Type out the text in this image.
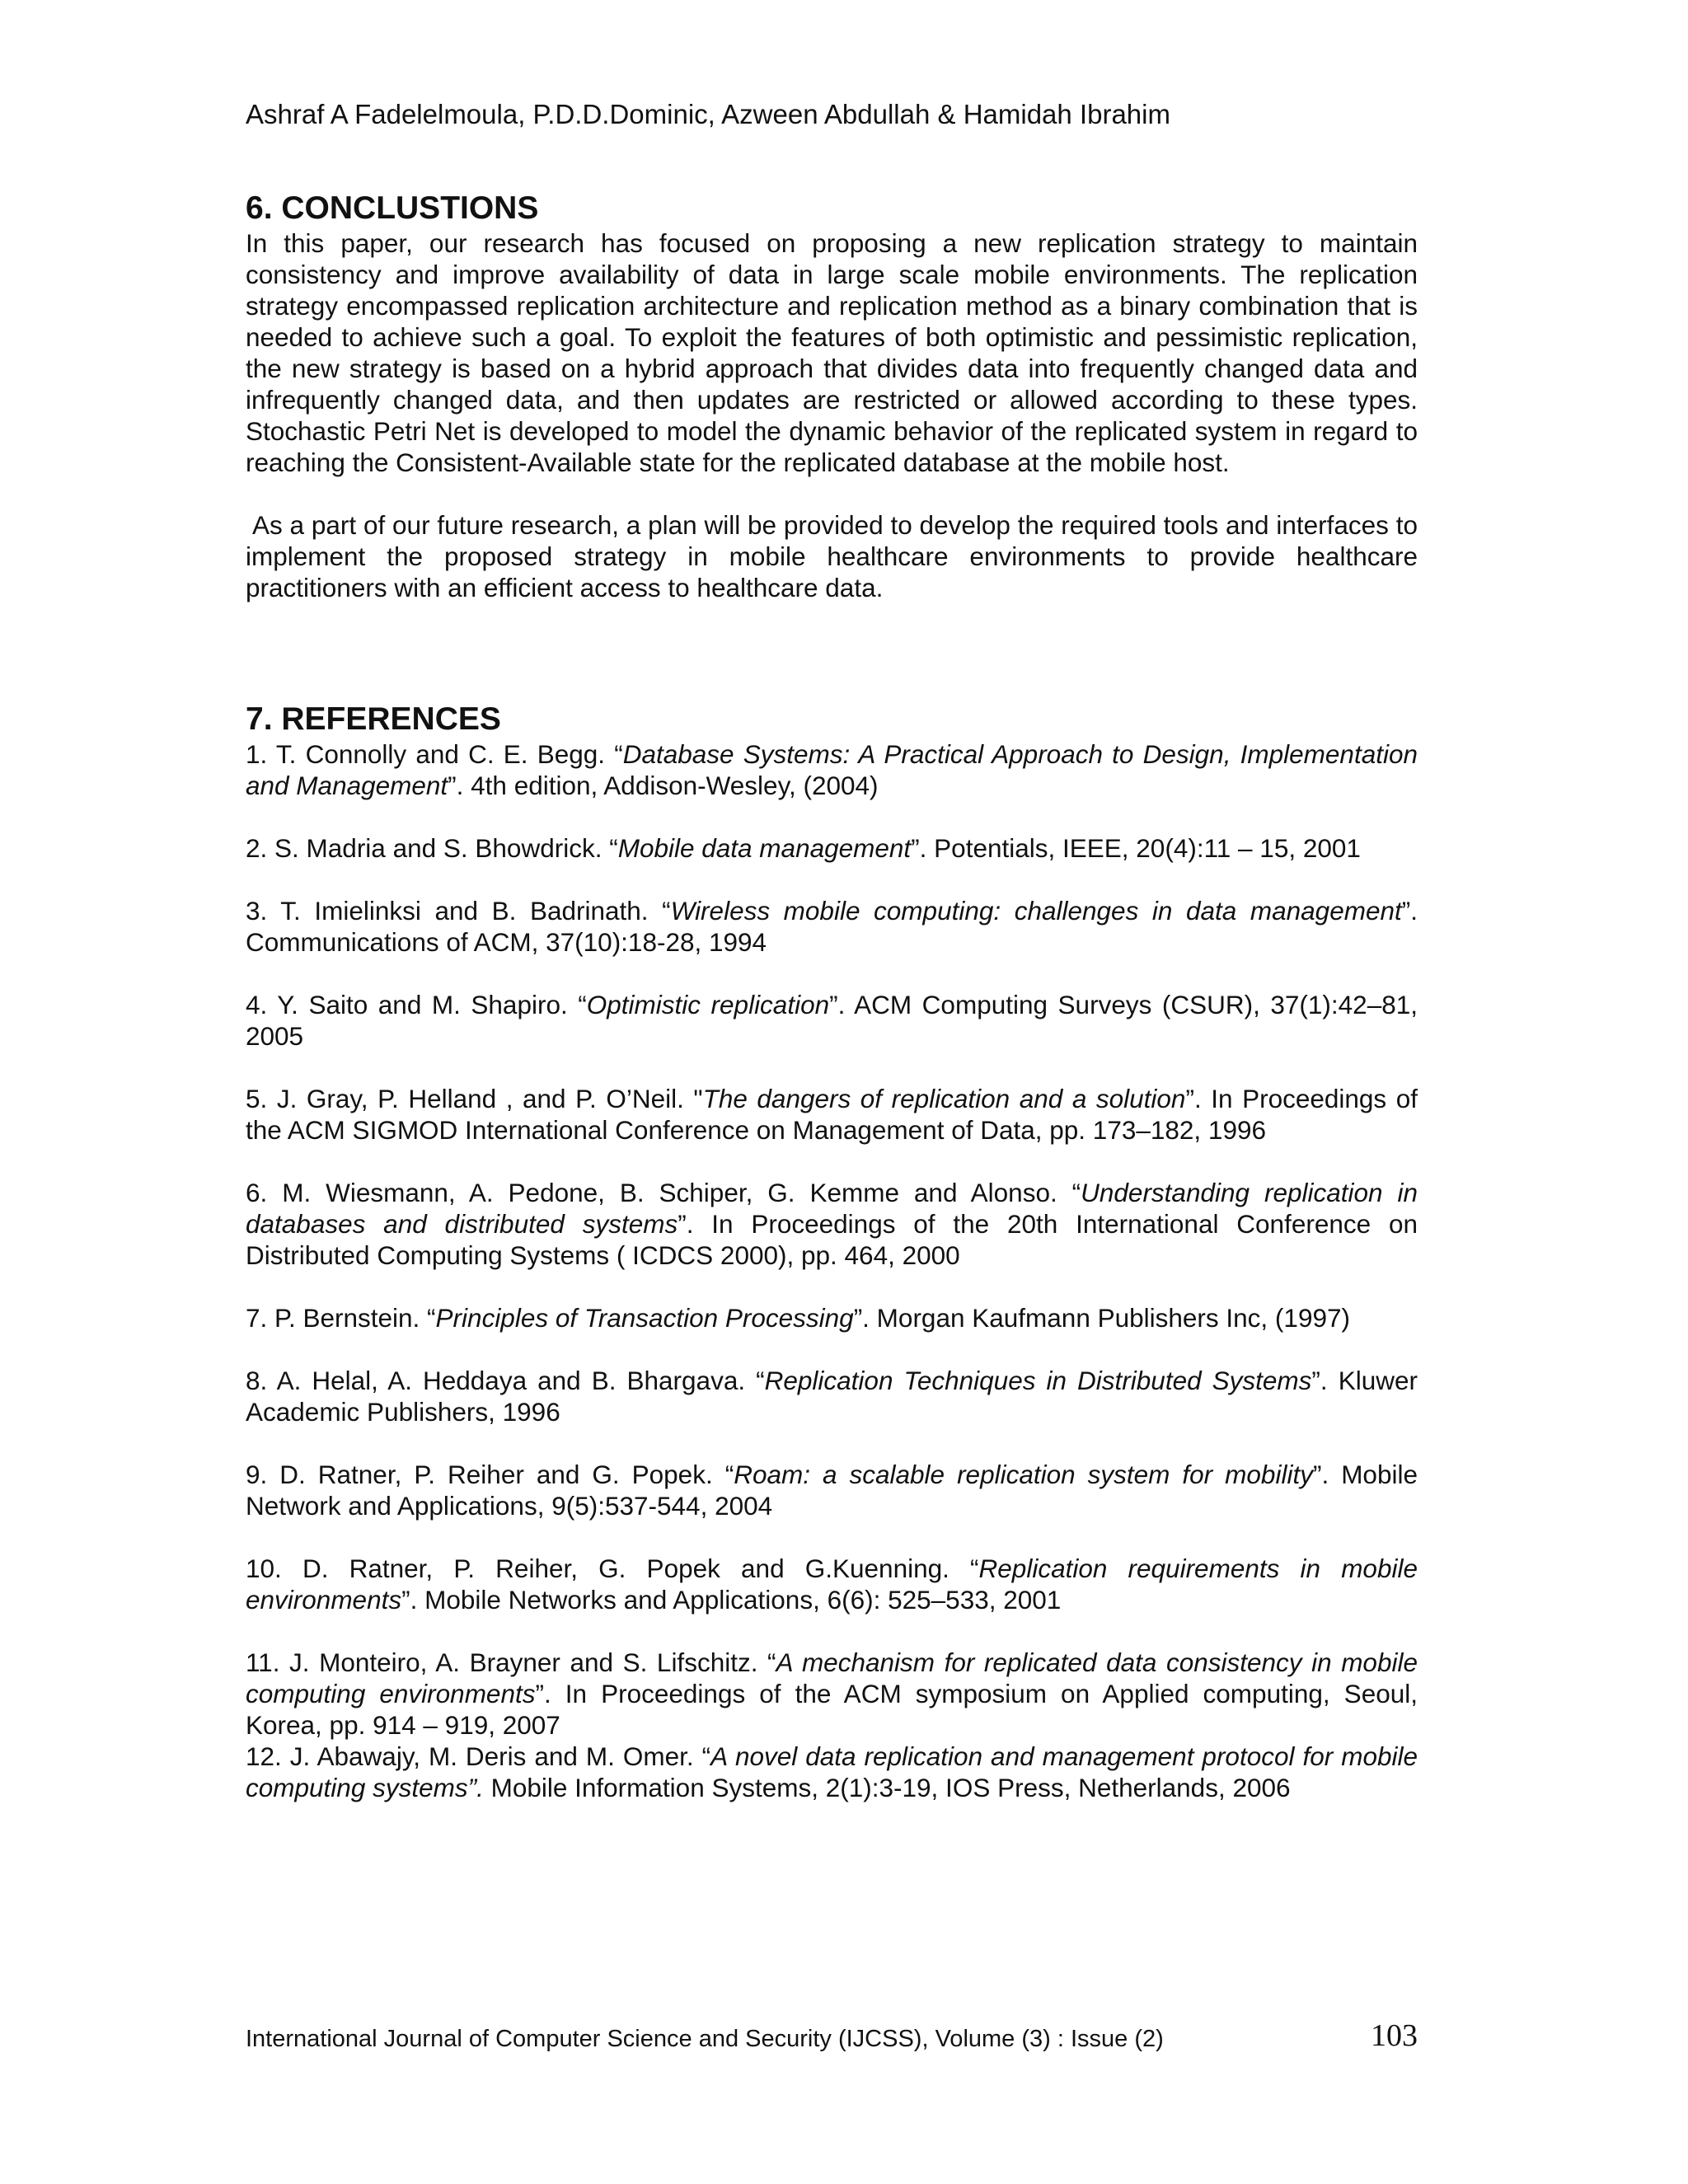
Ashraf A Fadelelmoula, P.D.D.Dominic, Azween Abdullah & Hamidah Ibrahim
6. CONCLUSTIONS

In this paper, our research has focused on proposing a new replication strategy to maintain consistency and improve availability of data in large scale mobile environments. The replication strategy encompassed replication architecture and replication method as a binary combination that is needed to achieve such a goal. To exploit the features of both optimistic and pessimistic replication, the new strategy is based on a hybrid approach that divides data into frequently changed data and infrequently changed data, and then updates are restricted or allowed according to these types. Stochastic Petri Net is developed to model the dynamic behavior of the replicated system in regard to reaching the Consistent-Available state for the replicated database at the mobile host.

As a part of our future research, a plan will be provided to develop the required tools and interfaces to implement the proposed strategy in mobile healthcare environments to provide healthcare practitioners with an efficient access to healthcare data.

7. REFERENCES

1. T. Connolly and C. E. Begg. “Database Systems: A Practical Approach to Design, Implementation and Management”. 4th edition, Addison-Wesley, (2004)

2. S. Madria and S. Bhowdrick. “Mobile data management”. Potentials, IEEE, 20(4):11 – 15, 2001

3. T. Imielinksi and B. Badrinath. “Wireless mobile computing: challenges in data management”. Communications of ACM, 37(10):18-28, 1994

4. Y. Saito and M. Shapiro. “Optimistic replication”. ACM Computing Surveys (CSUR), 37(1):42–81, 2005

5. J. Gray, P. Helland , and P. O’Neil. "The dangers of replication and a solution”. In Proceedings of the ACM SIGMOD International Conference on Management of Data, pp. 173–182, 1996

6. M. Wiesmann, A. Pedone, B. Schiper, G. Kemme and Alonso. “Understanding replication in databases and distributed systems”. In Proceedings of the 20th International Conference on Distributed Computing Systems ( ICDCS 2000), pp. 464, 2000

7. P. Bernstein. “Principles of Transaction Processing”. Morgan Kaufmann Publishers Inc, (1997)

8. A. Helal, A. Heddaya and B. Bhargava. “Replication Techniques in Distributed Systems”. Kluwer Academic Publishers, 1996

9. D. Ratner, P. Reiher and G. Popek. “Roam: a scalable replication system for mobility”. Mobile Network and Applications, 9(5):537-544, 2004

10. D. Ratner, P. Reiher, G. Popek and G.Kuenning. “Replication requirements in mobile environments”. Mobile Networks and Applications, 6(6): 525–533, 2001

11. J. Monteiro, A. Brayner and S. Lifschitz. “A mechanism for replicated data consistency in mobile computing environments”. In Proceedings of the ACM symposium on Applied computing, Seoul, Korea, pp. 914 – 919, 2007

12. J. Abawajy, M. Deris and M. Omer. “A novel data replication and management protocol for mobile computing systems”. Mobile Information Systems, 2(1):3-19, IOS Press, Netherlands, 2006

International Journal of Computer Science and Security (IJCSS), Volume (3) : Issue (2)	103
